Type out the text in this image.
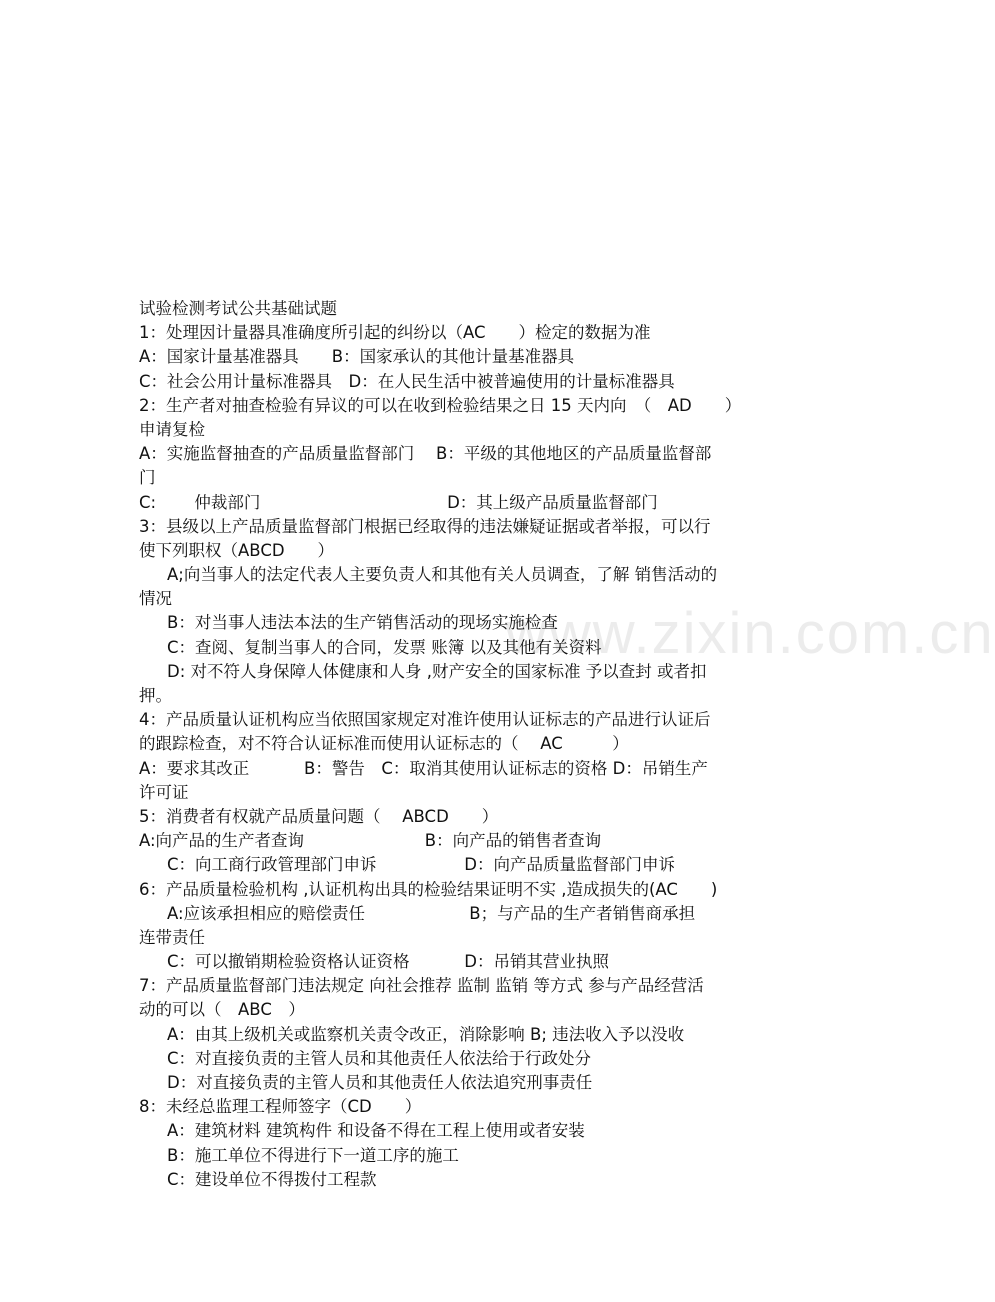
www.zixin.com.cn
试验检测考试公共基础试题
1：处理因计量器具准确度所引起的纠纷以（AC　　）检定的数据为准
A：国家计量基准器具　　B：国家承认的其他计量基准器具
C：社会公用计量标准器具　D：在人民生活中被普遍使用的计量标准器具
2：生产者对抽查检验有异议的可以在收到检验结果之日 15 天内向　（　AD　　）
申请复检
A：实施监督抽查的产品质量监督部门　 B：平级的其他地区的产品质量监督部
门
C:　　 仲裁部门　　　　　　　　　　　 D：其上级产品质量监督部门
3：县级以上产品质量监督部门根据已经取得的违法嫌疑证据或者举报，可以行
使下列职权（ABCD　　）
A;向当事人的法定代表人主要负责人和其他有关人员调查，了解 销售活动的
情况
B：对当事人违法本法的生产销售活动的现场实施检查
C：查阅、复制当事人的合同，发票 账簿 以及其他有关资料
D: 对不符人身保障人体健康和人身 ,财产安全的国家标准 予以查封 或者扣
押。
4：产品质量认证机构应当依照国家规定对准许使用认证标志的产品进行认证后
的跟踪检查，对不符合认证标准而使用认证标志的（　 AC　　　）
A：要求其改正　　　 B：警告　C：取消其使用认证标志的资格 D：吊销生产
许可证
5：消费者有权就产品质量问题（　 ABCD　　）
A:向产品的生产者查询　　　　　　　 B：向产品的销售者查询
C：向工商行政管理部门申诉　　　　　 D：向产品质量监督部门申诉
6：产品质量检验机构 ,认证机构出具的检验结果证明不实 ,造成损失的(AC　　)
A:应该承担相应的赔偿责任　　　　　　 B；与产品的生产者销售商承担
连带责任
C：可以撤销期检验资格认证资格　　　 D：吊销其营业执照
7：产品质量监督部门违法规定 向社会推荐 监制 监销 等方式 参与产品经营活
动的可以（　ABC　）
A：由其上级机关或监察机关责令改正，消除影响 B; 违法收入予以没收
C：对直接负责的主管人员和其他责任人依法给于行政处分
D：对直接负责的主管人员和其他责任人依法追究刑事责任
8：未经总监理工程师签字（CD　　）
A：建筑材料 建筑构件 和设备不得在工程上使用或者安装
B：施工单位不得进行下一道工序的施工
C：建设单位不得拨付工程款
